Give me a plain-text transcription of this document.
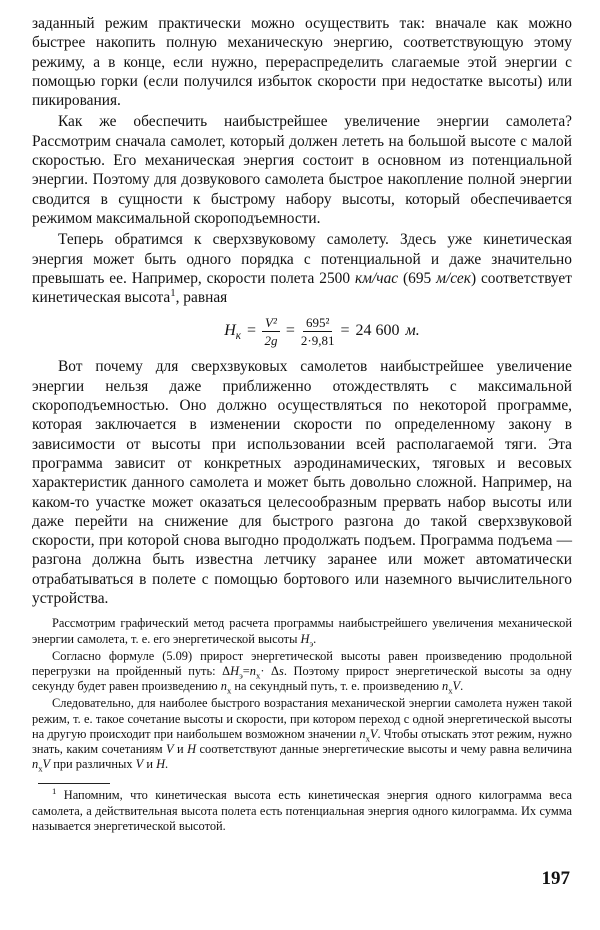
заданный режим практически можно осуществить так: вначале как можно быстрее накопить полную механическую энергию, соответствующую этому режиму, а в конце, если нужно, перераспределить слагаемые этой энергии с помощью горки (если получился избыток скорости при недостатке высоты) или пикирования.

Как же обеспечить наибыстрейшее увеличение энергии самолета? Рассмотрим сначала самолет, который должен лететь на большой высоте с малой скоростью. Его механическая энергия состоит в основном из потенциальной энергии. Поэтому для дозвукового самолета быстрое накопление полной энергии сводится в сущности к быстрому набору высоты, который обеспечивается режимом максимальной скороподъемности.

Теперь обратимся к сверхзвуковому самолету. Здесь уже кинетическая энергия может быть одного порядка с потенциальной и даже значительно превышать ее. Например, скорости полета 2500 км/час (695 м/сек) соответствует кинетическая высота$^1$, равная

$H_к = \frac{\text{V²}}{2g} = \frac{\text{695²}}{2\cdot 9,81} = 24$ 600 м.

Вот почему для сверхзвуковых самолетов наибыстрейшее увеличение энергии нельзя даже приближенно отождествлять с максимальной скороподъемностью. Оно должно осуществляться по некоторой программе, которая заключается в изменении скорости по определенному закону в зависимости от высоты при использовании всей располагаемой тяги. Эта программа зависит от конкретных аэродинамических, тяговых и весовых характеристик данного самолета и может быть довольно сложной. Например, на каком-то участке может оказаться целесообразным прервать набор высоты или даже перейти на снижение для быстрого разгона до такой сверхзвуковой скорости, при которой снова выгодно продолжать подъем. Программа подъема — разгона должна быть известна летчику заранее или может автоматически отрабатываться в полете с помощью бортового или наземного вычислительного устройства.

Рассмотрим графический метод расчета программы наибыстрейшего увеличения механической энергии самолета, т. е. его энергетической высоты $H_э$.

Согласно формуле (5.09) прирост энергетической высоты равен произведению продольной перегрузки на пройденный путь: $\Delta H_э=n_x\cdot \Delta s$. Поэтому прирост энергетической высоты за одну секунду будет равен произведению $n_x$ на секундный путь, т. е. произведению $n_xV$.

Следовательно, для наиболее быстрого возрастания механической энергии самолета нужен такой режим, т. е. такое сочетание высоты и скорости, при котором переход с одной энергетической высоты на другую происходит при наибольшем возможном значении $n_xV$. Чтобы отыскать этот режим, нужно знать, каким сочетаниям V и H соответствуют данные энергетические высоты и чему равна величина $n_xV$ при различных V и H.

$^1$ Напомним, что кинетическая высота есть кинетическая энергия одного килограмма веса самолета, а действительная высота полета есть потенциальная энергия одного килограмма. Их сумма называется энергетической высотой.

197
